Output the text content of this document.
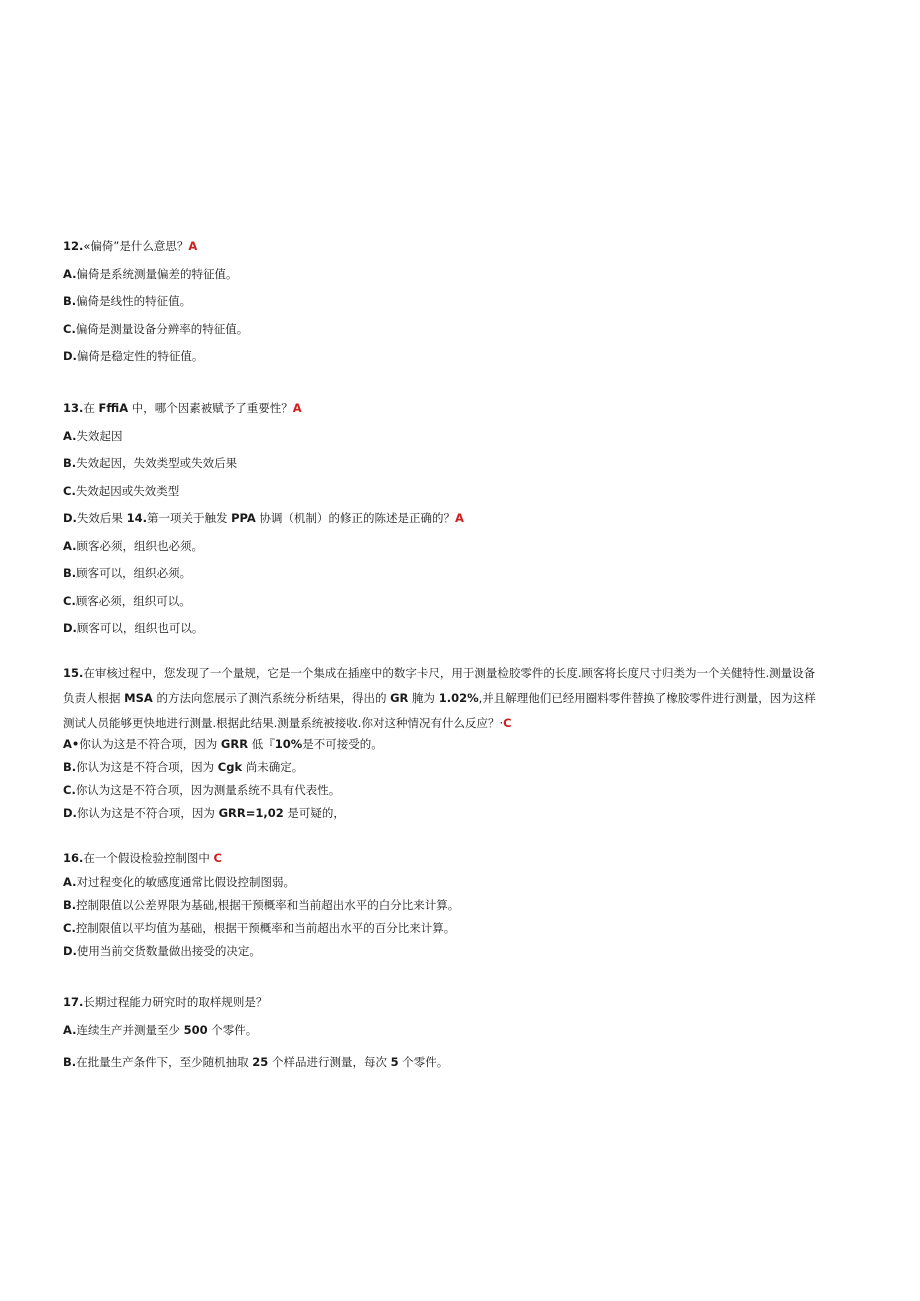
12.«偏倚”是什么意思？A
A.偏倚是系统测量偏差的特征值。
B.偏倚是线性的特征值。
C.偏倚是测量设备分辨率的特征值。
D.偏倚是稳定性的特征值。
13.在 FffiA 中，哪个因素被赋予了重要性？A
A.失效起因
B.失效起因，失效类型或失效后果
C.失效起因或失效类型
D.失效后果 14.第一项关于触发 PPA 协调（机制）的修正的陈述是正确的？A
A.顾客必须，组织也必须。
B.顾客可以，组织必须。
C.顾客必须，组织可以。
D.顾客可以，组织也可以。
15.在审核过程中，您发现了一个量规，它是一个集成在插座中的数字卡尺，用于测量检胶零件的长度.顾客将长度尺寸归类为一个关健特性.测量设备负责人根据 MSA 的方法向您展示了测汽系统分析结果，得出的 GR 腌为 1.02%,并且解理他们已经用圈料零件替换了橡胶零件进行测量，因为这样测试人员能够更快地进行测量.根据此结果.测量系统被接收.你对这种情况有什么反应？·C
A•你认为这是不符合项，因为 GRR 低『10%是不可接受的。
B.你认为这是不符合项，因为 Cgk 尚未确定。
C.你认为这是不符合项，因为测量系统不具有代表性。
D.你认为这是不符合项，因为 GRR=1,02 是可疑的，
16.在一个假设检验控制图中 C
A.对过程变化的敏感度通常比假设控制图弱。
B.控制限值以公差界限为基础,根据干预概率和当前超出水平的白分比来计算。
C.控制限值以平均值为基础，根据干预概率和当前超出水平的百分比来计算。
D.使用当前交货数量做出接受的决定。
17.长期过程能力研究时的取样规则是？
A.连续生产并测量至少 500 个零件。
B.在批量生产条件下，至少随机抽取 25 个样品进行测量，每次 5 个零件。
